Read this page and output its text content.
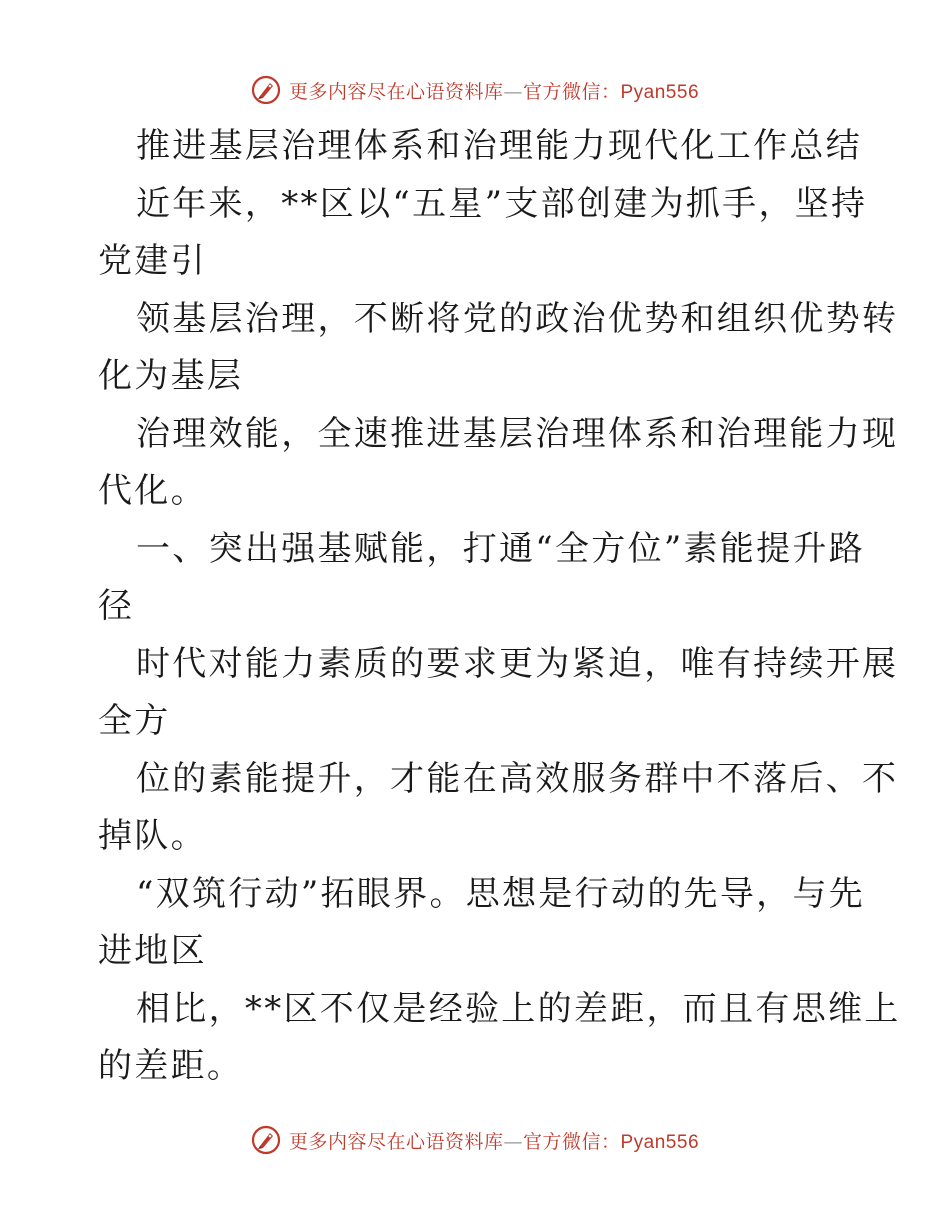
更多内容尽在心语资料库—官方微信：Pyan556
推进基层治理体系和治理能力现代化工作总结
近年来，**区以“五星”支部创建为抓手，坚持
党建引
领基层治理，不断将党的政治优势和组织优势转
化为基层
治理效能，全速推进基层治理体系和治理能力现
代化。
一、突出强基赋能，打通“全方位”素能提升路
径
时代对能力素质的要求更为紧迫，唯有持续开展
全方
位的素能提升，才能在高效服务群中不落后、不
掉队。
“双筑行动”拓眼界。思想是行动的先导，与先
进地区
相比，**区不仅是经验上的差距，而且有思维上
的差距。
更多内容尽在心语资料库—官方微信：Pyan556
